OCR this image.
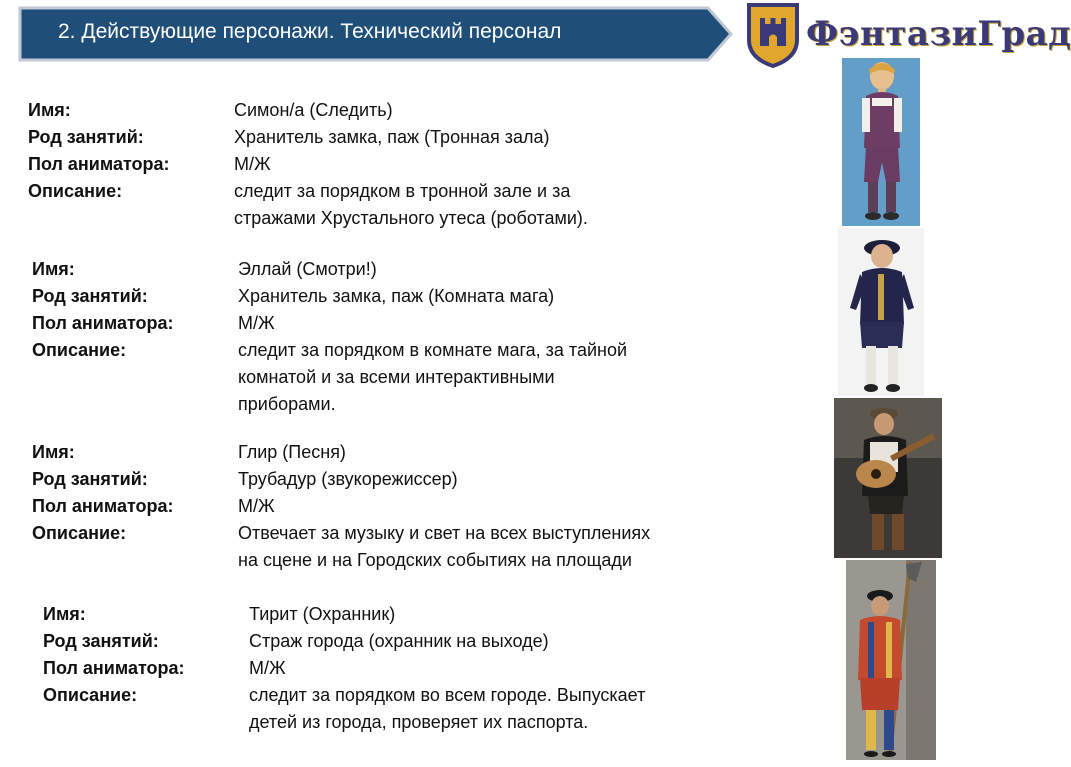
2. Действующие персонажи. Технический персонал	ФэнтазиГрад
Имя:	Симон/а (Следить)
Род занятий:	Хранитель замка, паж (Тронная зала)
Пол аниматора:	М/Ж
Описание:	следит за порядком в тронной зале и за
стражами Хрустального утеса (роботами).
Имя:	Эллай (Смотри!)
Род занятий:	Хранитель замка, паж (Комната мага)
Пол аниматора:	М/Ж
Описание:	следит за порядком в комнате мага, за тайной
комнатой и за всеми интерактивными
приборами.
Имя:	Глир (Песня)
Род занятий:	Трубадур (звукорежиссер)
Пол аниматора:	М/Ж
Описание:	Отвечает за музыку и свет на всех выступлениях
на сцене и на Городских событиях на площади
Имя:	Тирит (Охранник)
Род занятий:	Страж города (охранник на выходе)
Пол аниматора:	М/Ж
Описание:	следит за порядком во всем городе. Выпускает
детей из города, проверяет их паспорта.
